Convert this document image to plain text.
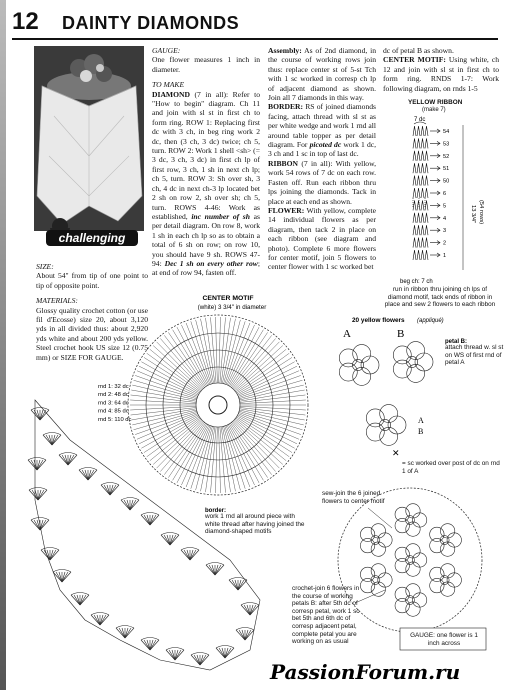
12 DAINTY DIAMONDS
challenging

SIZE:

About 54" from tip of one point to tip of opposite point.

MATERIALS:

Glossy quality crochet cotton (or use fil d'Ecosse) size 20, about 3,120 yds in all divided thus: about 2,920 yds white and about 200 yds yellow. Steel crochet hook US size 12 (0.75 mm) or SIZE FOR GAUGE.

GAUGE:

One flower measures 1 inch in diameter.

TO MAKE

DIAMOND (7 in all): Refer to "How to begin" diagram. Ch 11 and join with sl st in first ch to form ring. ROW 1: Replacing first dc with 3 ch, in beg ring work 2 dc, then (3 ch, 3 dc) twice; ch 5, turn. ROW 2: Work 1 shell <sh> (= 3 dc, 3 ch, 3 dc) in first ch lp of first row, 3 ch, 1 sh in next ch lp; ch 5, turn. ROW 3: Sh over sh, 3 ch, 4 dc in next ch-3 lp located bet 2 sh on row 2, sh over sh; ch 5, turn. ROWS 4-46: Work as established, inc number of sh as per detail diagram. On row 8, work 1 sh in each ch lp so as to obtain a total of 6 sh on row; on row 10, you should have 9 sh. ROWS 47-94: Dec 1 sh on every other row; at end of row 94, fasten off.

Assembly: As of 2nd diamond, in the course of working rows join thus: replace center st of 5-st Tch with 1 sc worked in corresp ch lp of adjacent diamond as shown. Join all 7 diamonds in this way.

BORDER: RS of joined diamonds facing, attach thread with sl st as per white wedge and work 1 rnd all around table topper as per detail diagram. For picoted dc work 1 dc, 3 ch and 1 sc in top of last dc.

RIBBON (7 in all): With yellow, work 54 rows of 7 dc on each row. Fasten off. Run each ribbon thru lps joining the diamonds. Tack in place at each end as shown.

FLOWER: With yellow, complete 14 individual flowers as per diagram, then tack 2 in place on each ribbon (see diagram and photo). Complete 6 more flowers for center motif, join 5 flowers to center flower with 1 sc worked bet

dc of petal B as shown.

CENTER MOTIF: Using white, ch 12 and join with sl st in first ch to form ring. RNDS 1-7: Work following diagram, on rnds 1-5

YELLOW RIBBON
(make 7)
7 dc
54
53
52
51
50
6
5
4
3
2
1
13 3/4" (54 rows)
beg ch: 7 ch
CENTER MOTIF
(white) 3 3/4" in diameter
rnd 1: 32 dc
rnd 2: 48 dc
rnd 3: 64 dc
rnd 4: 85 dc
rnd 5: 110 dc
border:
20 yellow flowers (appliqué)
A	B
petal B:
A
B
✕
run in ribbon thru joining ch lps of diamond motif, tack ends of ribbon in place and sew 2 flowers to each ribbon
attach thread w. sl st on WS of first rnd of petal A
= sc worked over post of dc on rnd 1 of A
work 1 rnd all around piece with white thread after having joined the diamond-shaped motifs
sew-join the 6 joined flowers to center motif
crochet-join 6 flowers in the course of working petals B: after 5th dc of corresp petal, work 1 sc bet 5th and 6th dc of corresp adjacent petal, complete petal you are working on as usual
GAUGE: one flower is 1 inch across
PassionForum.ru
